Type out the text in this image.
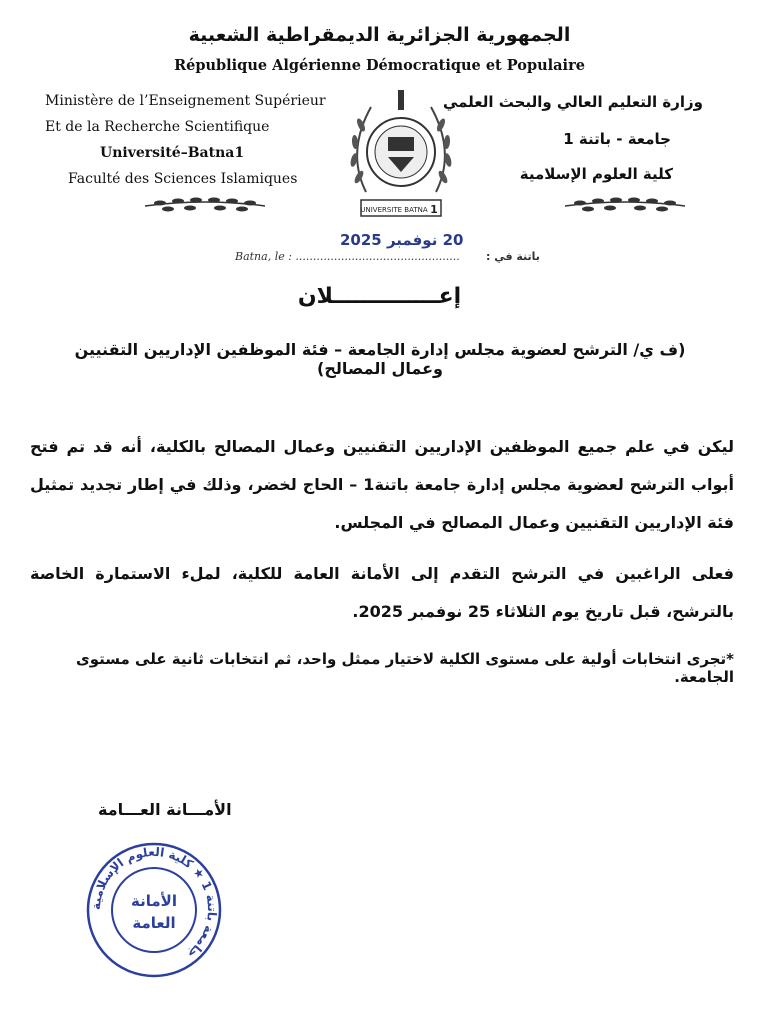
الجمهورية الجزائرية الديمقراطية الشعبية
République Algérienne Démocratique et Populaire
Ministère de l’Enseignement Supérieur
Et de la Recherche Scientifique
Université–Batna1
Faculté des Sciences Islamiques
وزارة التعليم العالي والبحث العلمي
جامعة - باتنة 1
كلية العلوم الإسلامية
UNIVERSITE BATNA 1
20 نوفمبر 2025
Batna, le : ............................................... باتنة في :
إعــــــــــــــلان
(ف ي/ الترشح لعضوية مجلس إدارة الجامعة – فئة الموظفين الإداريين التقنيين وعمال المصالح)
ليكن في علم جميع الموظفين الإداريين التقنيين وعمال المصالح بالكلية، أنه قد تم فتح أبواب الترشح لعضوية مجلس إدارة جامعة باتنة1 – الحاج لخضر، وذلك في إطار تجديد تمثيل فئة الإداريين التقنيين وعمال المصالح في المجلس.
فعلى الراغبين في الترشح التقدم إلى الأمانة العامة للكلية، لملء الاستمارة الخاصة بالترشح، قبل تاريخ يوم الثلاثاء 25 نوفمبر 2025.
*تجرى انتخابات أولية على مستوى الكلية لاختيار ممثل واحد، ثم انتخابات ثانية على مستوى الجامعة.
الأمـــانة العـــامة
جامعة باتنة 1 ★ كلية العلوم الإسلامية
الأمانة
العامة
